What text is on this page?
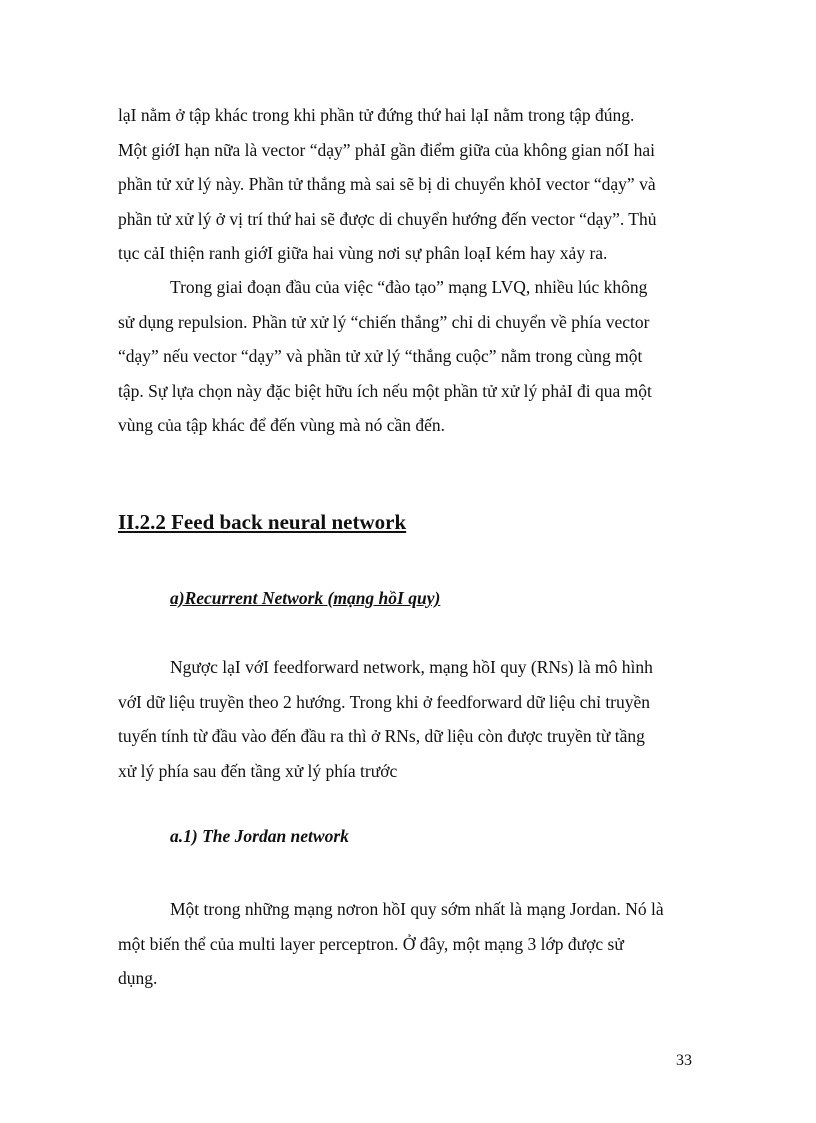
lạI nằm ở tập khác trong khi phần tử đứng thứ hai lạI nằm trong tập đúng.
Một giớI hạn nữa là vector “dạy” phảI gần điểm giữa của không gian nốI hai
phần tử xử lý này. Phần tử thắng mà sai sẽ bị di chuyển khỏI vector “dạy” và
phần tử xử lý ở vị trí thứ hai sẽ được di chuyển hướng đến vector “dạy”. Thủ
tục cảI thiện ranh giớI giữa hai vùng nơi sự phân loạI kém hay xảy ra.

Trong giai đoạn đầu của việc “đào tạo” mạng LVQ, nhiều lúc không
sử dụng repulsion. Phần tử xử lý “chiến thắng” chỉ di chuyển về phía vector
“dạy” nếu vector “dạy” và phần tử xử lý “thắng cuộc” nằm trong cùng một
tập. Sự lựa chọn này đặc biệt hữu ích nếu một phần tử xử lý phảI đi qua một
vùng của tập khác để đến vùng mà nó cần đến.

II.2.2 Feed back neural network
a)Recurrent Network (mạng hồI quy)

Ngược lạI vớI feedforward network, mạng hồI quy (RNs) là mô hình
vớI dữ liệu truyền theo 2 hướng. Trong khi ở feedforward dữ liệu chỉ truyền
tuyến tính từ đầu vào đến đầu ra thì ở RNs, dữ liệu còn được truyền từ tầng
xử lý phía sau đến tầng xử lý phía trước

a.1) The Jordan network

Một trong những mạng nơron hồI quy sớm nhất là mạng Jordan. Nó là
một biến thể của multi layer perceptron. Ở đây, một mạng 3 lớp được sử
dụng.

33
